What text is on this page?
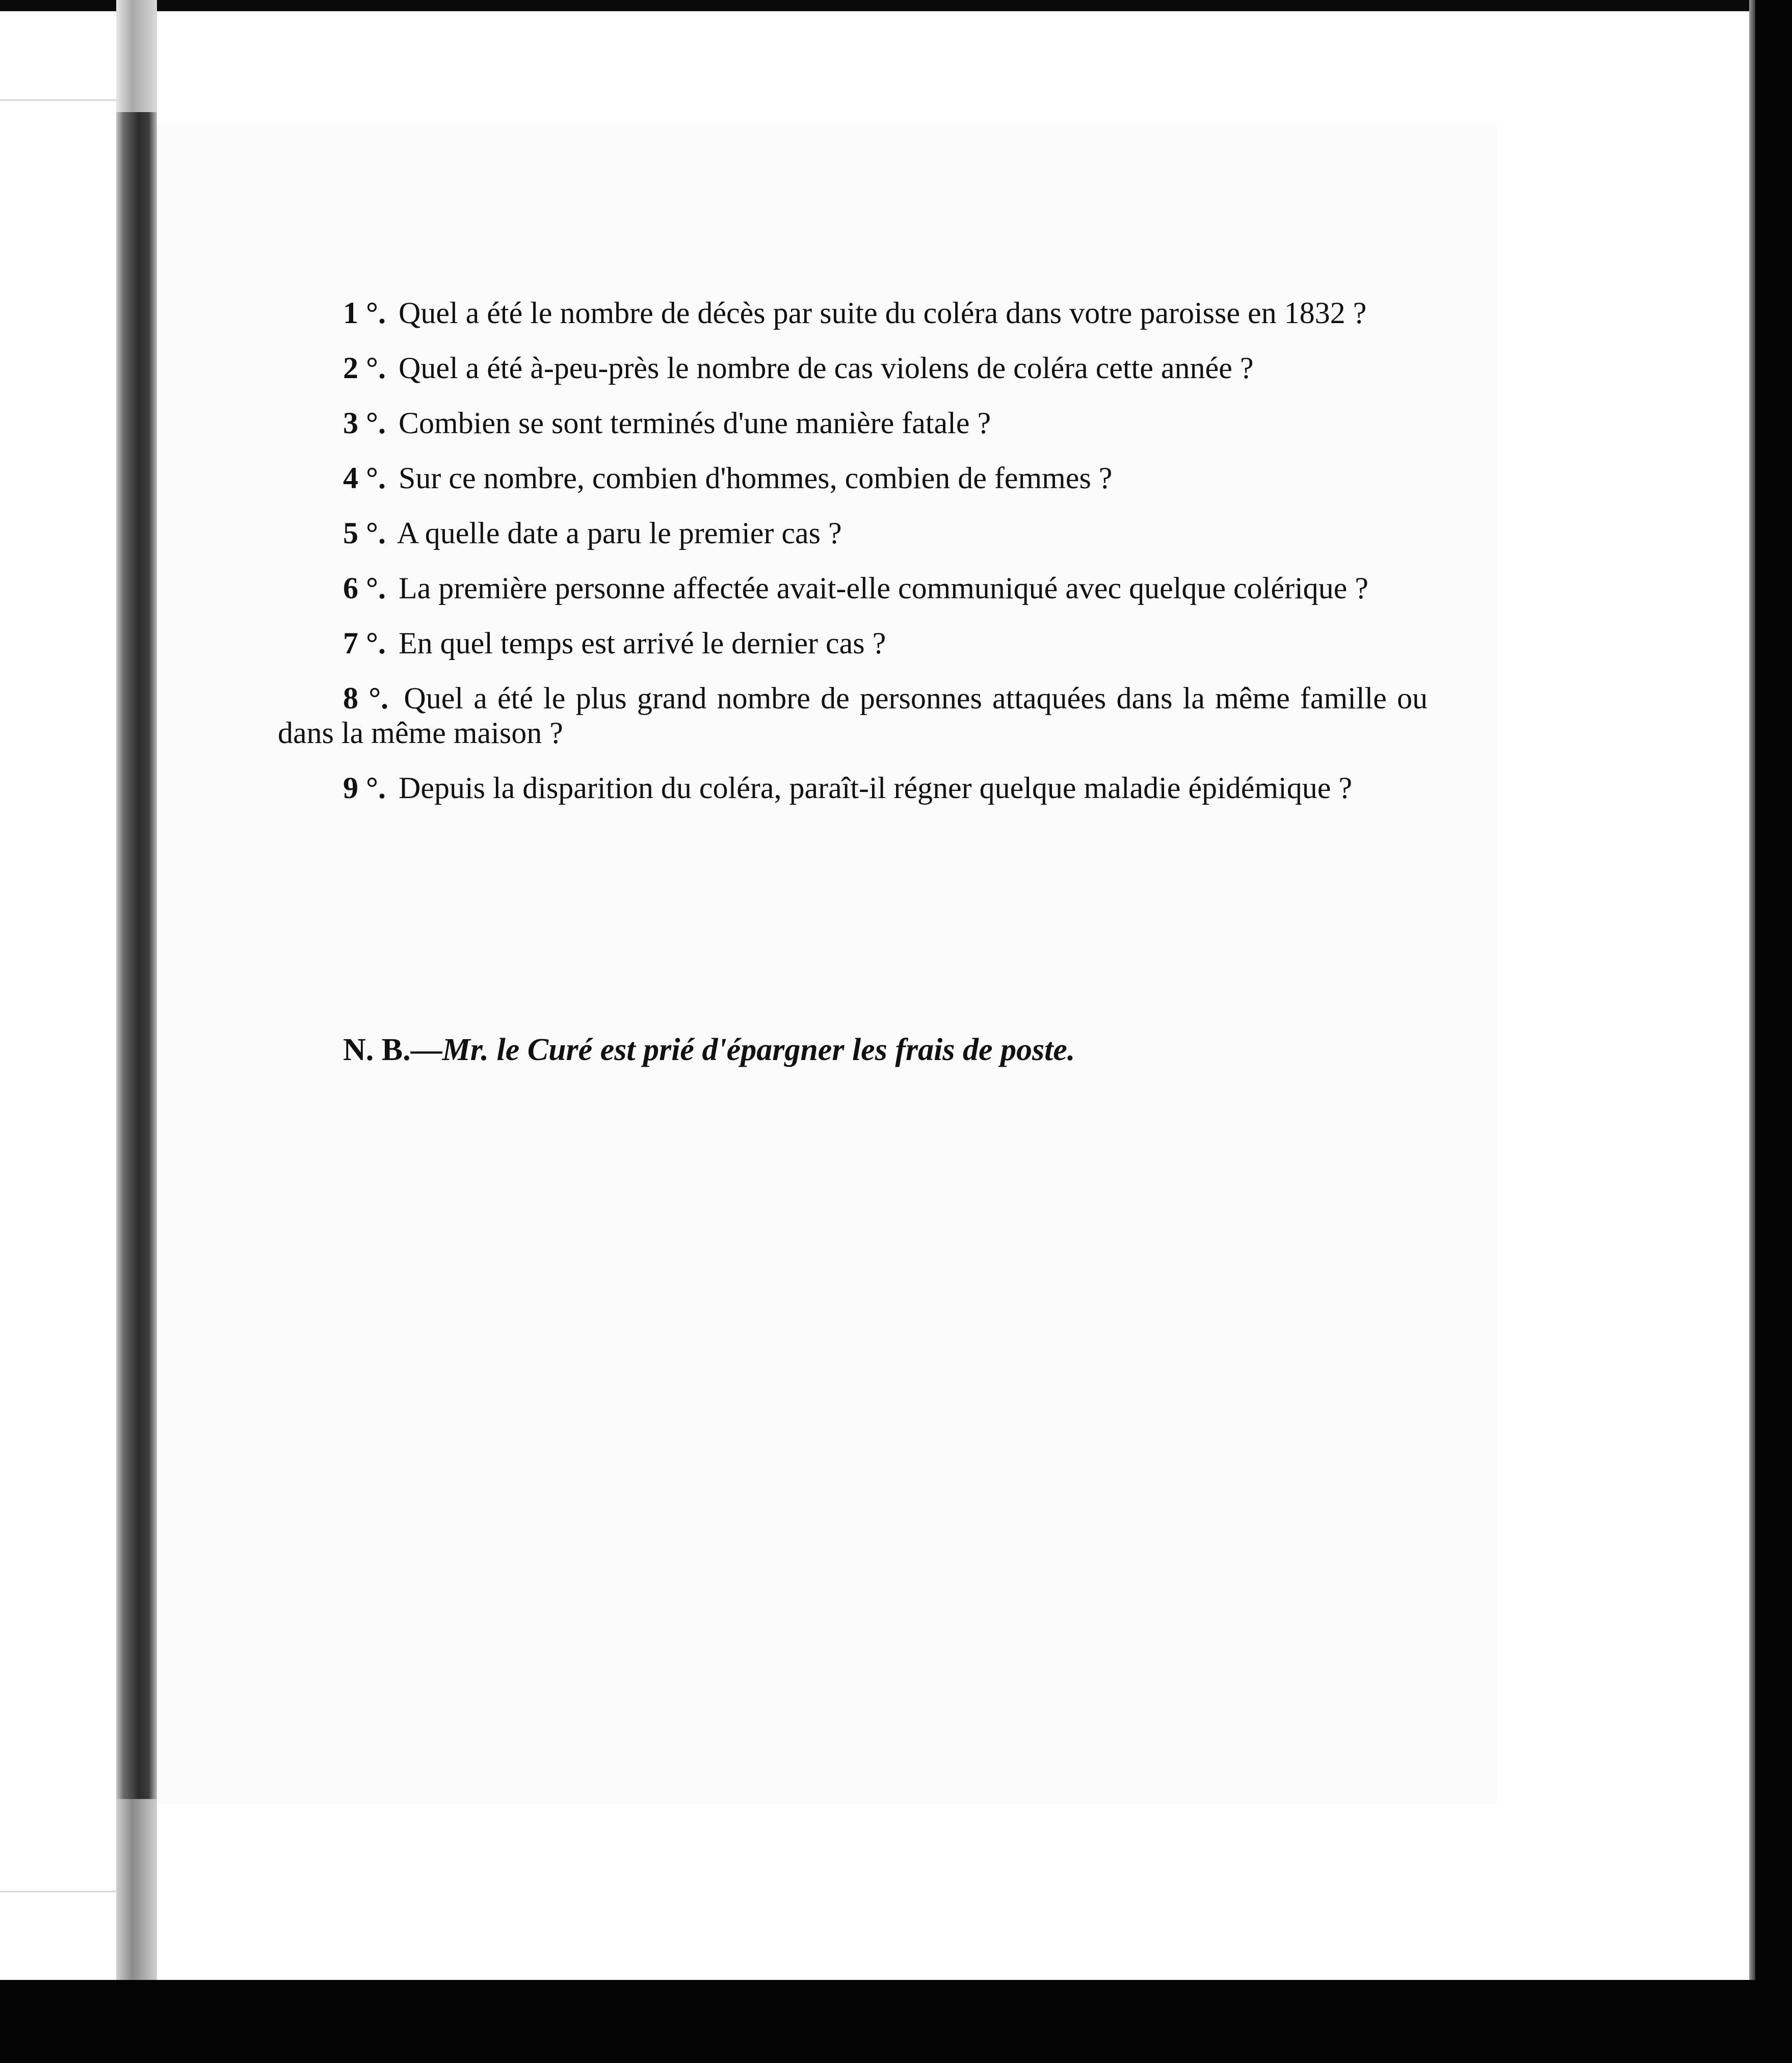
1 °. Quel a été le nombre de décès par suite du coléra dans votre paroisse en 1832 ?

2 °. Quel a été à-peu-près le nombre de cas violens de coléra cette année ?

3 °. Combien se sont terminés d'une manière fatale ?

4 °. Sur ce nombre, combien d'hommes, combien de femmes ?

5 °. A quelle date a paru le premier cas ?

6 °. La première personne affectée avait-elle communiqué avec quelque colérique ?

7 °. En quel temps est arrivé le dernier cas ?

8 °. Quel a été le plus grand nombre de personnes attaquées dans la même famille ou dans la même maison ?

9 °. Depuis la disparition du coléra, paraît-il régner quelque maladie épidémique ?

N. B.—Mr. le Curé est prié d'épargner les frais de poste.
